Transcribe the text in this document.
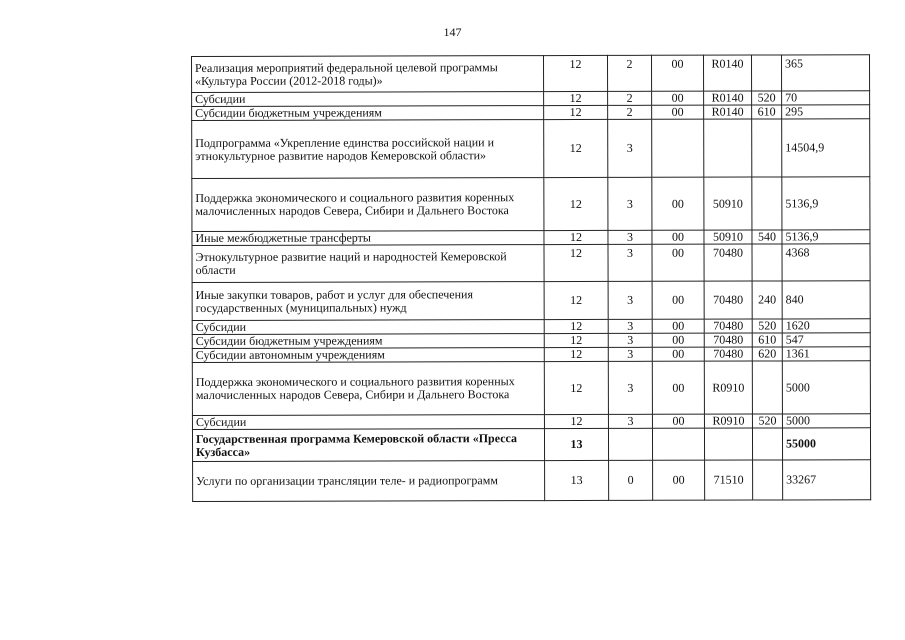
147
Реализация мероприятий федеральной целевой программы «Культура России (2012-2018 годы)»	12	2	00	R0140		365
Субсидии	12	2	00	R0140	520	70
Субсидии бюджетным учреждениям	12	2	00	R0140	610	295
Подпрограмма «Укрепление единства российской нации и этнокультурное развитие народов Кемеровской области»	12	3				14504,9
Поддержка экономического и социального развития коренных малочисленных народов Севера, Сибири и Дальнего Востока	12	3	00	50910		5136,9
Иные межбюджетные трансферты	12	3	00	50910	540	5136,9
Этнокультурное развитие наций и народностей Кемеровской области	12	3	00	70480		4368
Иные закупки товаров, работ и услуг для обеспечения государственных (муниципальных) нужд	12	3	00	70480	240	840
Субсидии	12	3	00	70480	520	1620
Субсидии бюджетным учреждениям	12	3	00	70480	610	547
Субсидии автономным учреждениям	12	3	00	70480	620	1361
Поддержка экономического и социального развития коренных малочисленных народов Севера, Сибири и Дальнего Востока	12	3	00	R0910		5000
Субсидии	12	3	00	R0910	520	5000
Государственная программа Кемеровской области «Пресса Кузбасса»	13					55000
Услуги по организации трансляции теле- и радиопрограмм	13	0	00	71510		33267
